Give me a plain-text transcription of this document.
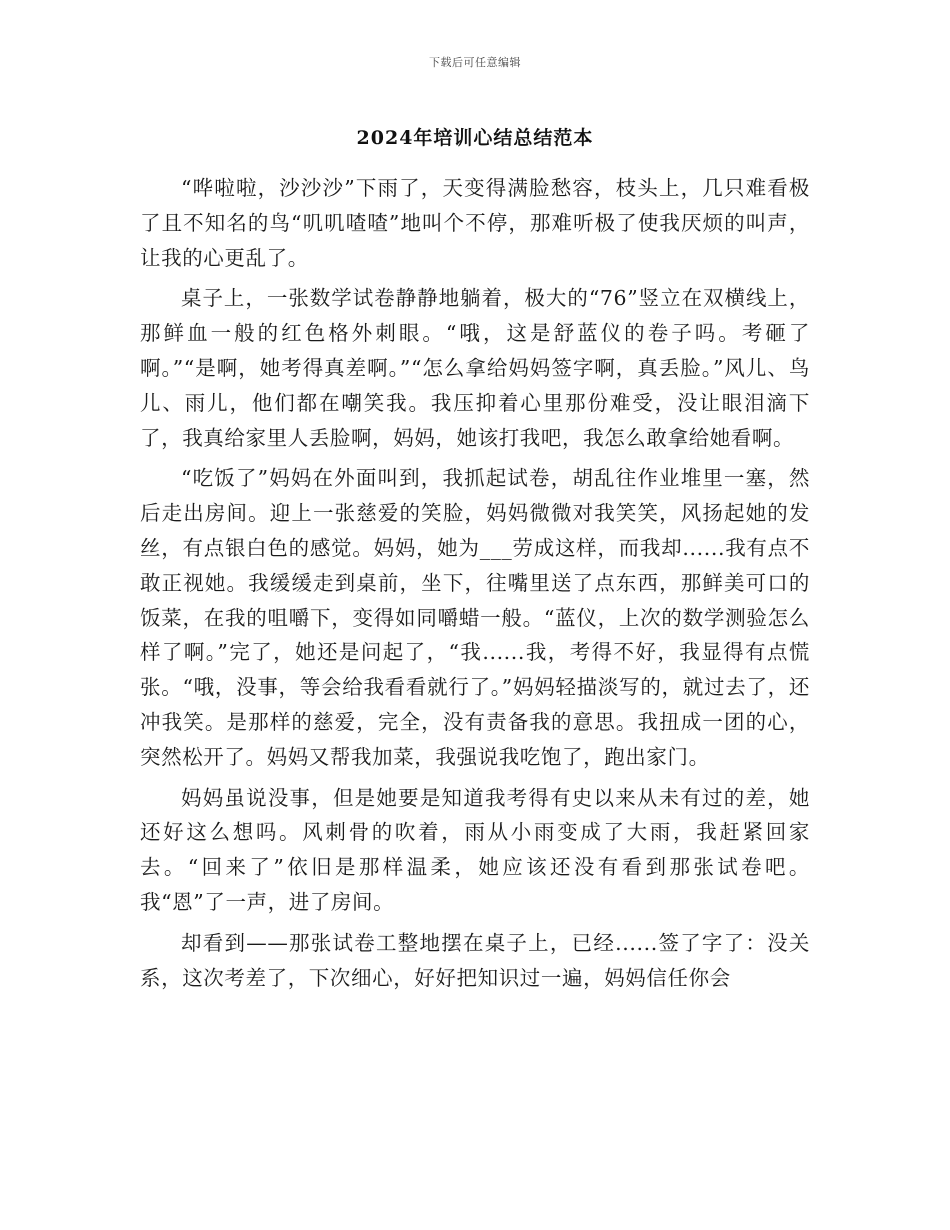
下载后可任意编辑
2024年培训心结总结范本

“哗啦啦，沙沙沙”下雨了，天变得满脸愁容，枝头上，几只难看极了且不知名的鸟“叽叽喳喳”地叫个不停，那难听极了使我厌烦的叫声，让我的心更乱了。

桌子上，一张数学试卷静静地躺着，极大的“76”竖立在双横线上，那鲜血一般的红色格外刺眼。“哦，这是舒蓝仪的卷子吗。考砸了啊。”“是啊，她考得真差啊。”“怎么拿给妈妈签字啊，真丢脸。”风儿、鸟儿、雨儿，他们都在嘲笑我。我压抑着心里那份难受，没让眼泪滴下了，我真给家里人丢脸啊，妈妈，她该打我吧，我怎么敢拿给她看啊。

“吃饭了”妈妈在外面叫到，我抓起试卷，胡乱往作业堆里一塞，然后走出房间。迎上一张慈爱的笑脸，妈妈微微对我笑笑，风扬起她的发丝，有点银白色的感觉。妈妈，她为___劳成这样，而我却......我有点不敢正视她。我缓缓走到桌前，坐下，往嘴里送了点东西，那鲜美可口的饭菜，在我的咀嚼下，变得如同嚼蜡一般。“蓝仪，上次的数学测验怎么样了啊。”完了，她还是问起了，“我......我，考得不好，我显得有点慌张。“哦，没事，等会给我看看就行了。”妈妈轻描淡写的，就过去了，还冲我笑。是那样的慈爱，完全，没有责备我的意思。我扭成一团的心，突然松开了。妈妈又帮我加菜，我强说我吃饱了，跑出家门。

妈妈虽说没事，但是她要是知道我考得有史以来从未有过的差，她还好这么想吗。风刺骨的吹着，雨从小雨变成了大雨，我赶紧回家去。“回来了”依旧是那样温柔，她应该还没有看到那张试卷吧。我“恩”了一声，进了房间。

却看到——那张试卷工整地摆在桌子上，已经......签了字了：没关系，这次考差了，下次细心，好好把知识过一遍，妈妈信任你会
